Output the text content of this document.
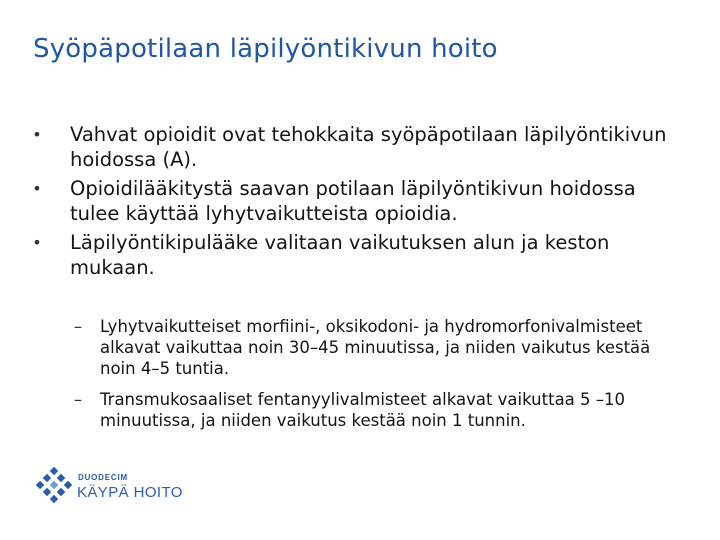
Syöpäpotilaan läpilyöntikivun hoito
• Vahvat opioidit ovat tehokkaita syöpäpotilaan läpilyöntikivun hoidossa (A).
• Opioidilääkitystä saavan potilaan läpilyöntikivun hoidossa tulee käyttää lyhytvaikutteista opioidia.
• Läpilyöntikipulääke valitaan vaikutuksen alun ja keston mukaan.
– Lyhytvaikutteiset morfiini-, oksikodoni- ja hydromorfonivalmisteet alkavat vaikuttaa noin 30–45 minuutissa, ja niiden vaikutus kestää noin 4–5 tuntia.
– Transmukosaaliset fentanyylivalmisteet alkavat vaikuttaa 5 –10 minuutissa, ja niiden vaikutus kestää noin 1 tunnin.
DUODECIM
KÄYPÄ HOITO
